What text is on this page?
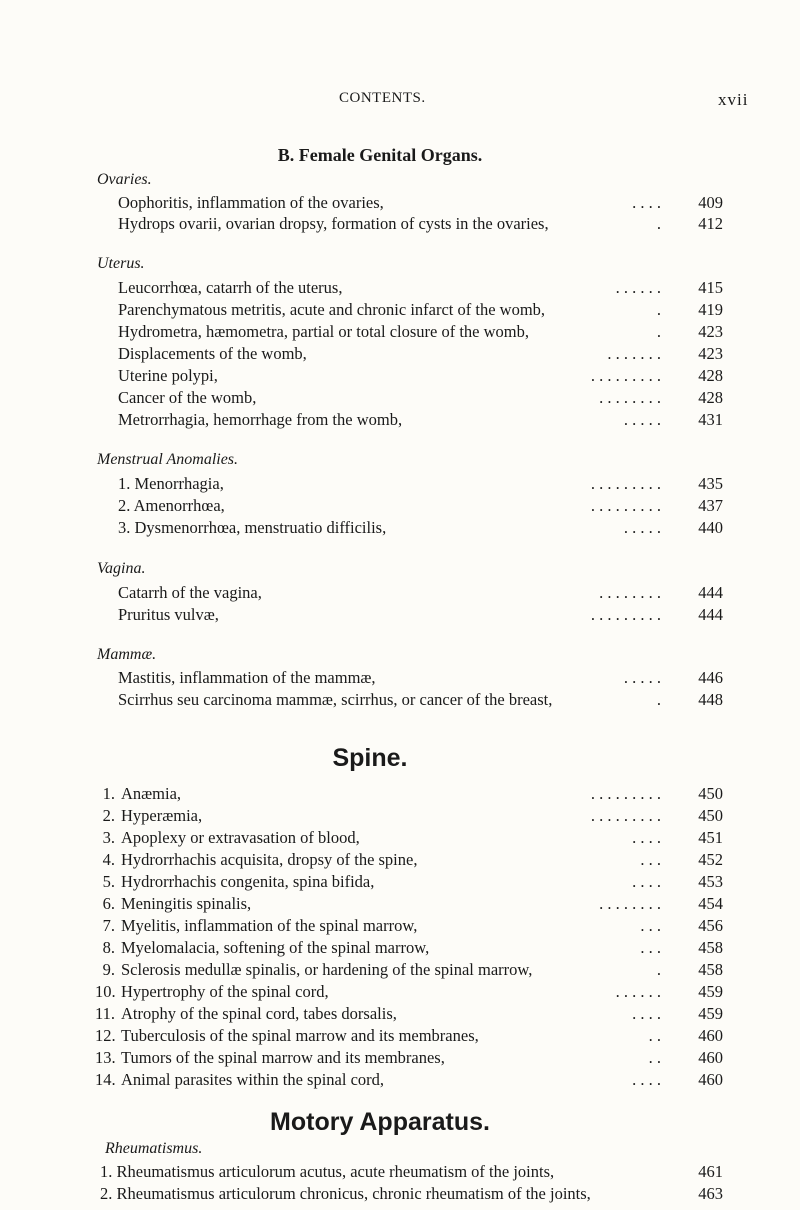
CONTENTS.	xvii
B. Female Genital Organs.
Ovaries.
Oophoritis, inflammation of the ovaries,	. . . . 409
Hydrops ovarii, ovarian dropsy, formation of cysts in the ovaries,	. 412
Uterus.
Leucorrhœa, catarrh of the uterus,	. . . . . . 415
Parenchymatous metritis, acute and chronic infarct of the womb,	. 419
Hydrometra, hæmometra, partial or total closure of the womb,	. 423
Displacements of the womb,	. . . . . . . 423
Uterine polypi,	. . . . . . . . . 428
Cancer of the womb,	. . . . . . . . 428
Metrorrhagia, hemorrhage from the womb,	. . . . . 431
Menstrual Anomalies.
1. Menorrhagia,	. . . . . . . . . 435
2. Amenorrhœa,	. . . . . . . . . 437
3. Dysmenorrhœa, menstruatio difficilis,	. . . . . 440
Vagina.
Catarrh of the vagina,	. . . . . . . . 444
Pruritus vulvæ,	. . . . . . . . . 444
Mammæ.
Mastitis, inflammation of the mammæ,	. . . . . 446
Scirrhus seu carcinoma mammæ, scirrhus, or cancer of the breast,	. 448
Spine.
1. Anæmia,	. . . . . . . . . 450
2. Hyperæmia,	. . . . . . . . . 450
3. Apoplexy or extravasation of blood,	. . . . 451
4. Hydrorrhachis acquisita, dropsy of the spine,	. . . 452
5. Hydrorrhachis congenita, spina bifida,	. . . . 453
6. Meningitis spinalis,	. . . . . . . . 454
7. Myelitis, inflammation of the spinal marrow,	. . . 456
8. Myelomalacia, softening of the spinal marrow,	. . . 458
9. Sclerosis medullæ spinalis, or hardening of the spinal marrow,	. 458
10. Hypertrophy of the spinal cord,	. . . . . . 459
11. Atrophy of the spinal cord, tabes dorsalis,	. . . . 459
12. Tuberculosis of the spinal marrow and its membranes,	. . 460
13. Tumors of the spinal marrow and its membranes,	. . 460
14. Animal parasites within the spinal cord,	. . . . 460
Motory Apparatus.
Rheumatismus.
1. Rheumatismus articulorum acutus, acute rheumatism of the joints,	461
2. Rheumatismus articulorum chronicus, chronic rheumatism of the joints,	463
